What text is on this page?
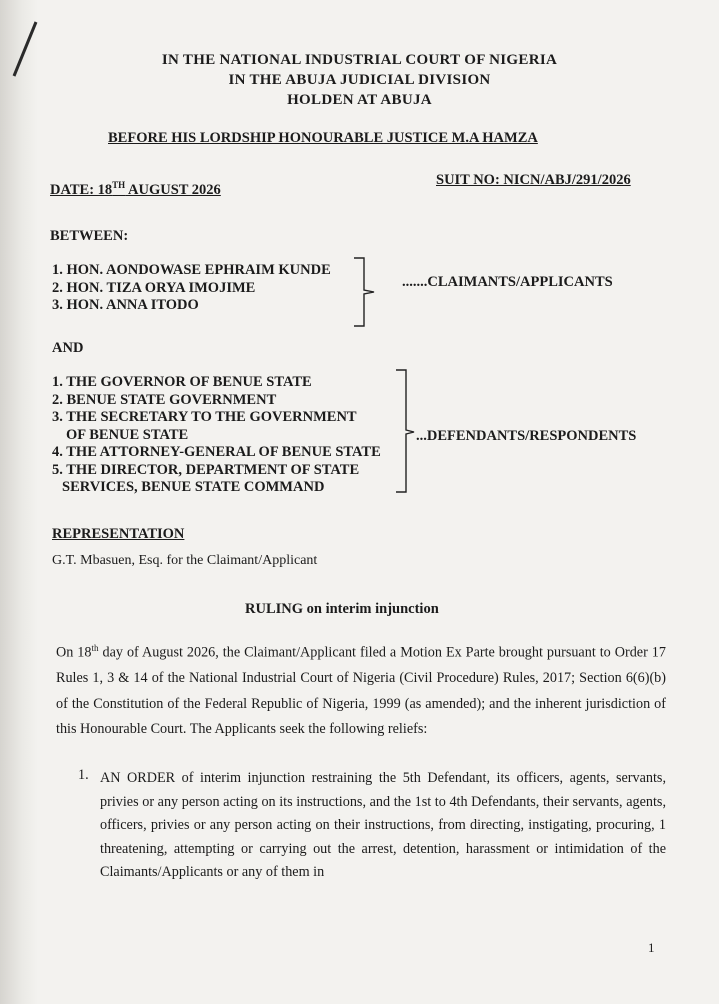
IN THE NATIONAL INDUSTRIAL COURT OF NIGERIA
IN THE ABUJA JUDICIAL DIVISION
HOLDEN AT ABUJA
BEFORE HIS LORDSHIP HONOURABLE JUSTICE M.A HAMZA
DATE: 18TH AUGUST 2026
SUIT NO: NICN/ABJ/291/2026
BETWEEN:
1. HON. AONDOWASE EPHRAIM KUNDE
2. HON. TIZA ORYA IMOJIME
3. HON. ANNA ITODO
.......CLAIMANTS/APPLICANTS
AND
1. THE GOVERNOR OF BENUE STATE
2. BENUE STATE GOVERNMENT
3. THE SECRETARY TO THE GOVERNMENT
OF BENUE STATE
4. THE ATTORNEY-GENERAL OF BENUE STATE
5. THE DIRECTOR, DEPARTMENT OF STATE
SERVICES, BENUE STATE COMMAND
...DEFENDANTS/RESPONDENTS
REPRESENTATION
G.T. Mbasuen, Esq. for the Claimant/Applicant
RULING on interim injunction
On 18th day of August 2026, the Claimant/Applicant filed a Motion Ex Parte brought pursuant to Order 17 Rules 1, 3 & 14 of the National Industrial Court of Nigeria (Civil Procedure) Rules, 2017; Section 6(6)(b) of the Constitution of the Federal Republic of Nigeria, 1999 (as amended); and the inherent jurisdiction of this Honourable Court. The Applicants seek the following reliefs:
1. AN ORDER of interim injunction restraining the 5th Defendant, its officers, agents, servants, privies or any person acting on its instructions, and the 1st to 4th Defendants, their servants, agents, officers, privies or any person acting on their instructions, from directing, instigating, procuring, 1 threatening, attempting or carrying out the arrest, detention, harassment or intimidation of the Claimants/Applicants or any of them in
1
